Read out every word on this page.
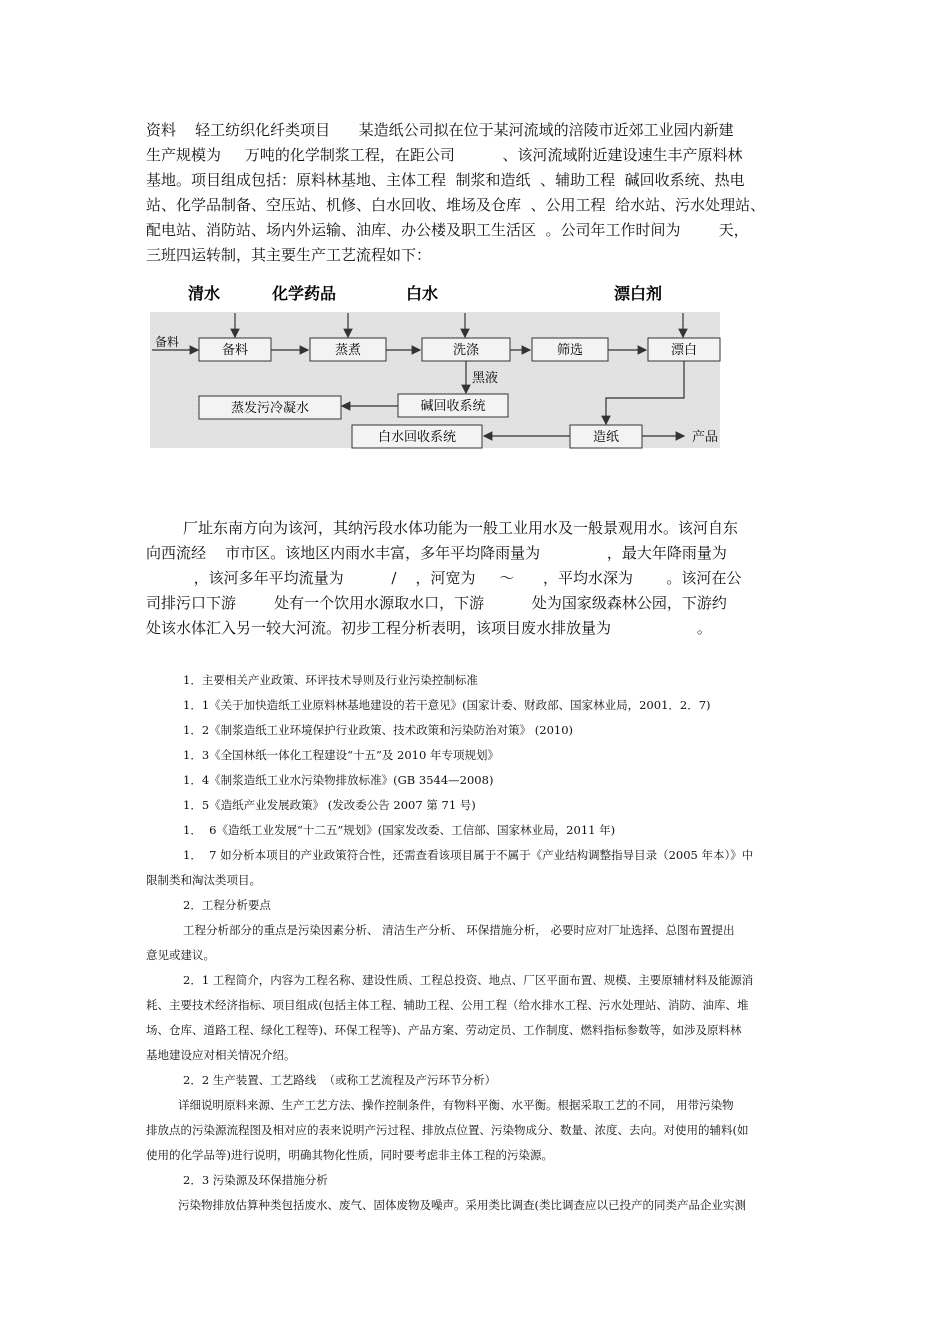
资料    轻工纺织化纤类项目      某造纸公司拟在位于某河流域的涪陵市近郊工业园内新建
生产规模为     万吨的化学制浆工程，在距公司          、该河流域附近建设速生丰产原料林
基地。项目组成包括：原料林基地、主体工程  制浆和造纸  、辅助工程  碱回收系统、热电
站、化学品制备、空压站、机修、白水回收、堆场及仓库  、公用工程  给水站、污水处理站、
配电站、消防站、场内外运输、油库、办公楼及职工生活区  。公司年工作时间为        天，
三班四运转制，其主要生产工艺流程如下：
清水	化学药品	白水	漂白剂
备料
备料	蒸煮	洗涤	筛选	漂白
黑液
碱回收系统
蒸发污冷凝水
造纸	产品
白水回收系统
厂址东南方向为该河，其纳污段水体功能为一般工业用水及一般景观用水。该河自东
向西流经    市市区。该地区内雨水丰富，多年平均降雨量为              ，最大年降雨量为
，该河多年平均流量为          /    ，河宽为     ～      ，平均水深为       。该河在公
司排污口下游        处有一个饮用水源取水口，下游          处为国家级森林公园，下游约
处该水体汇入另一较大河流。初步工程分析表明，该项目废水排放量为                  。
1．主要相关产业政策、环评技术导则及行业污染控制标准
1．1《关于加快造纸工业原料林基地建设的若干意见》(国家计委、财政部、国家林业局，2001．2．7)
1．2《制浆造纸工业环境保护行业政策、技术政策和污染防治对策》 (2010)
1．3《全国林纸一体化工程建设“十五”及 2010 年专项规划》
1．4《制浆造纸工业水污染物排放标准》(GB 3544—2008)
1．5《造纸产业发展政策》 (发改委公告 2007 第 71 号)
1．  6《造纸工业发展“十二五”规划》(国家发改委、工信部、国家林业局，2011 年)
1．  7 如分析本项目的产业政策符合性，还需查看该项目属于不属于《产业结构调整指导目录（2005 年本）》中
限制类和淘汰类项目。
2．工程分析要点
工程分析部分的重点是污染因素分析、 清洁生产分析、 环保措施分析， 必要时应对厂址选择、总图布置提出
意见或建议。
2．1 工程简介，内容为工程名称、建设性质、工程总投资、地点、厂区平面布置、规模、主要原辅材料及能源消
耗、主要技术经济指标、项目组成(包括主体工程、辅助工程、公用工程（给水排水工程、污水处理站、消防、油库、堆
场、仓库、道路工程、绿化工程等)、环保工程等)、产品方案、劳动定员、工作制度、燃料指标参数等，如涉及原料林
基地建设应对相关情况介绍。
2．2 生产装置、工艺路线  （或称工艺流程及产污环节分析）
详细说明原料来源、生产工艺方法、操作控制条件，有物料平衡、水平衡。根据采取工艺的不同， 用带污染物
排放点的污染源流程图及相对应的表来说明产污过程、排放点位置、污染物成分、数量、浓度、去向。对使用的辅料(如
使用的化学品等)进行说明，明确其物化性质，同时要考虑非主体工程的污染源。
2．3 污染源及环保措施分析
污染物排放估算种类包括废水、废气、固体废物及噪声。采用类比调查(类比调查应以已投产的同类产品企业实测
